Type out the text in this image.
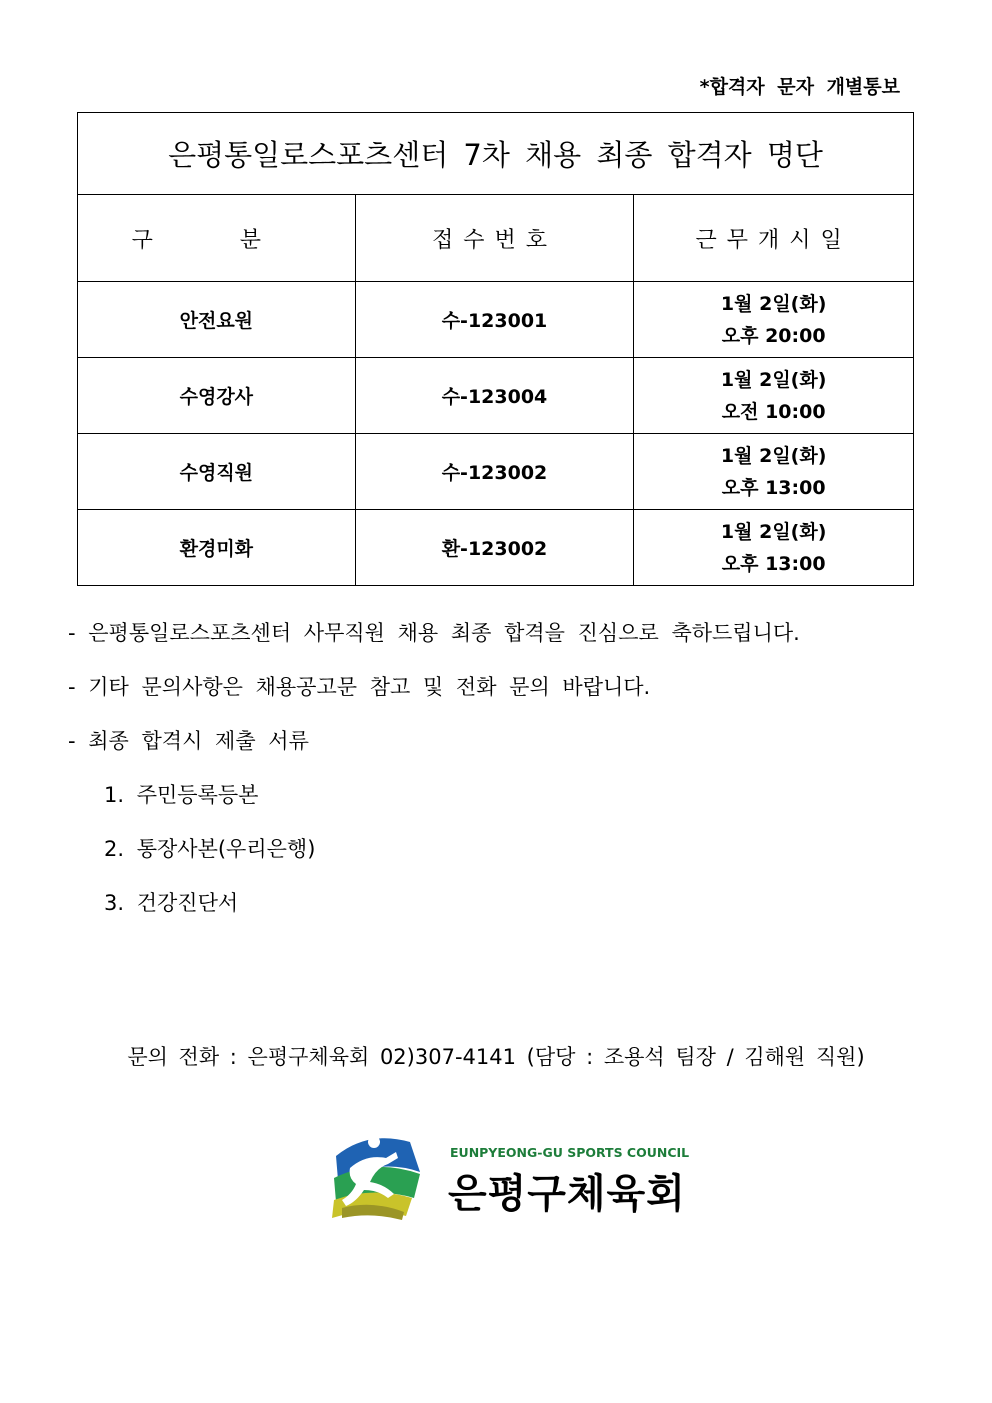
*합격자 문자 개별통보
은평통일로스포츠센터 7차 채용 최종 합격자 명단		
구 분	접수번호	근무개시일
안전요원	수-123001	1월 2일(화)
오후 20:00

수영강사	수-123004	1월 2일(화)
오전 10:00

수영직원	수-123002	1월 2일(화)
오후 13:00

환경미화	환-123002	1월 2일(화)
오후 13:00
- 은평통일로스포츠센터 사무직원 채용 최종 합격을 진심으로 축하드립니다.
- 기타 문의사항은 채용공고문 참고 및 전화 문의 바랍니다.
- 최종 합격시 제출 서류
1. 주민등록등본
2. 통장사본(우리은행)
3. 건강진단서
문의 전화 : 은평구체육회 02)307-4141 (담당 : 조용석 팀장 / 김해원 직원)
EUNPYEONG-GU SPORTS COUNCIL
은평구체육회
